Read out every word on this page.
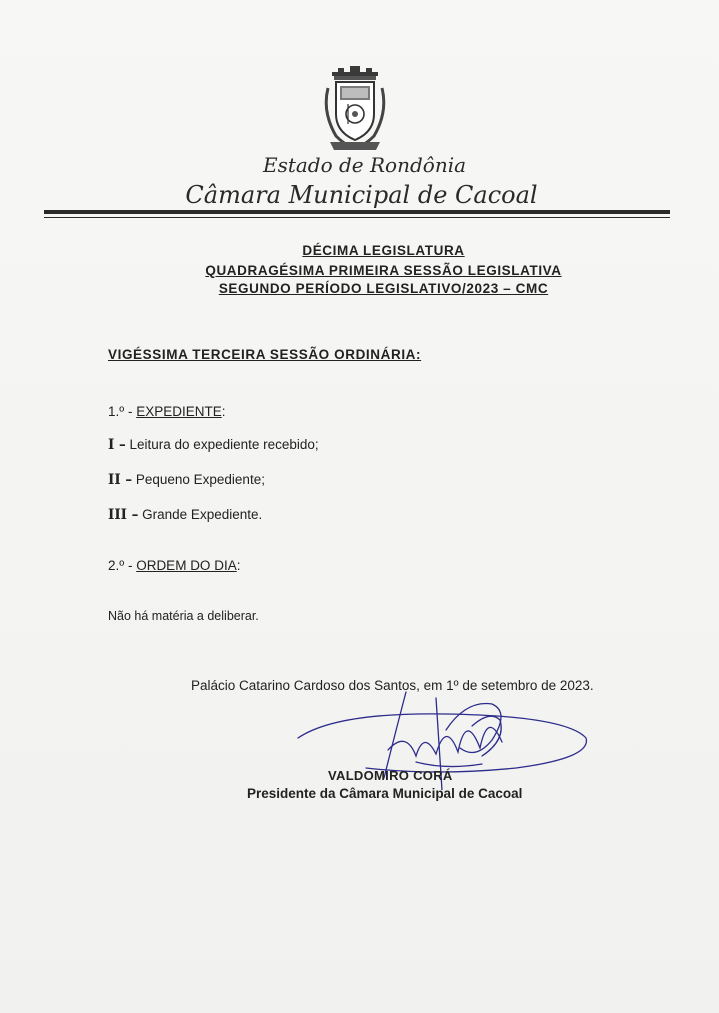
Estado de Rondônia
Câmara Municipal de Cacoal
DÉCIMA LEGISLATURA
QUADRAGÉSIMA PRIMEIRA SESSÃO LEGISLATIVA
SEGUNDO PERÍODO LEGISLATIVO/2023 – CMC
VIGÉSSIMA TERCEIRA SESSÃO ORDINÁRIA:
1.º - EXPEDIENTE:
I – Leitura do expediente recebido;
II – Pequeno Expediente;
III – Grande Expediente.
2.º - ORDEM DO DIA:
Não há matéria a deliberar.
Palácio Catarino Cardoso dos Santos, em 1º de setembro de 2023.
VALDOMIRO CORÁ
Presidente da Câmara Municipal de Cacoal
